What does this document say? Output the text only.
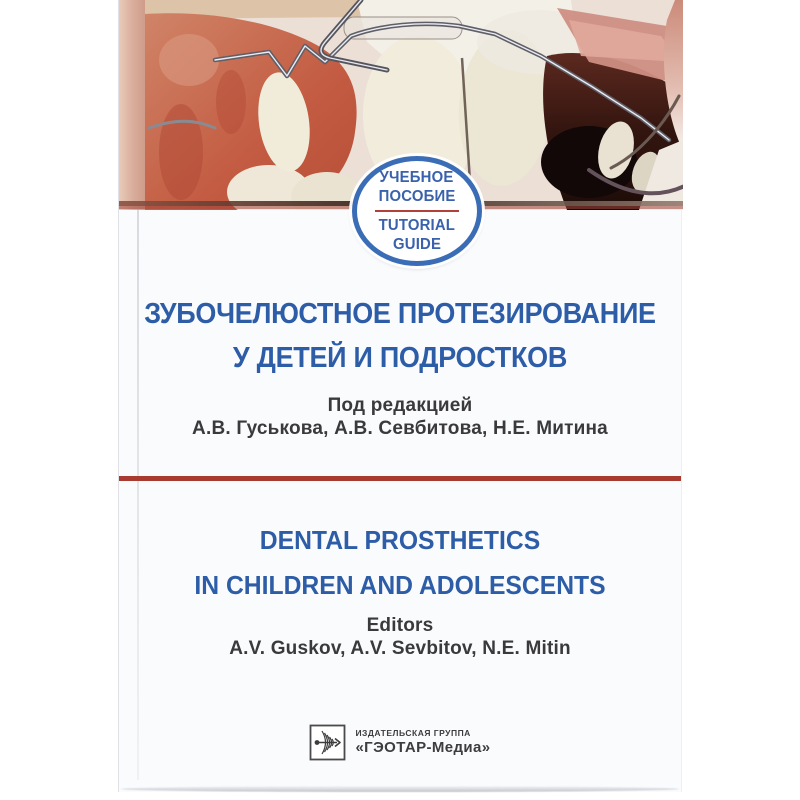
УЧЕБНОЕ
ПОСОБИЕ
TUTORIAL
GUIDE
ЗУБОЧЕЛЮСТНОЕ ПРОТЕЗИРОВАНИЕ
У ДЕТЕЙ И ПОДРОСТКОВ
Под редакцией
А.В. Гуськова, А.В. Севбитова, Н.Е. Митина
DENTAL PROSTHETICS
IN CHILDREN AND ADOLESCENTS
Editors
A.V. Guskov, A.V. Sevbitov, N.E. Mitin
ИЗДАТЕЛЬСКАЯ ГРУППА
«ГЭОТАР-Медиа»
